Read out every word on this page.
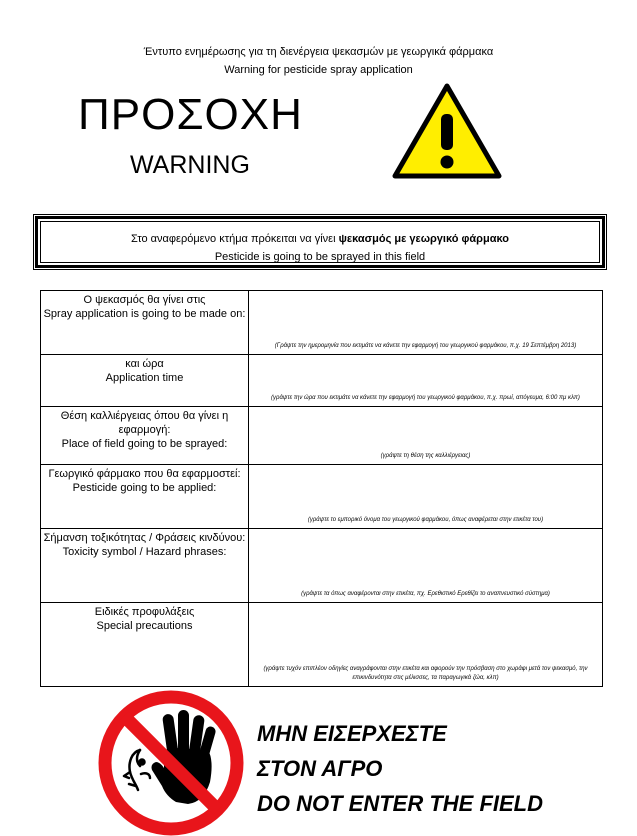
Έντυπο ενημέρωσης για τη διενέργεια ψεκασμών με γεωργικά φάρμακα
Warning for pesticide spray application
ΠΡΟΣΟΧΗ
WARNING
Στο αναφερόμενο κτήμα πρόκειται να γίνει ψεκασμός με γεωργικό φάρμακο
Pesticide is going to be sprayed in this field
Ο ψεκασμός θα γίνει στις
Spray application is going to be made on:	(Γράψτε την ημερομηνία που εκτιμάτε να κάνετε την εφαρμογή του γεωργικού φαρμάκου, π.χ. 19 Σεπτέμβρη 2013)

και ώρα
Application time	(γράψτε την ώρα που εκτιμάτε να κάνετε την εφαρμογή του γεωργικού φαρμάκου, π.χ. πρωί, απόγευμα, 6:00 πμ κλπ)

Θέση καλλιέργειας όπου θα γίνει η εφαρμογή:
Place of field going to be sprayed:	(γράψτε τη θέση της καλλιέργειας)

Γεωργικό φάρμακο που θα εφαρμοστεί:
Pesticide going to be applied:	(γράψτε το εμπορικό όνομα του γεωργικού φαρμάκου, όπως αναφέρεται στην ετικέτα του)

Σήμανση τοξικότητας / Φράσεις κινδύνου:
Toxicity symbol / Hazard phrases:	(γράψτε τα όπως αναφέρονται στην ετικέτα, πχ. Ερεθιστικό Ερεθίζει το αναπνευστικό σύστημα)

Ειδικές προφυλάξεις
Special precautions	(γράψτε τυχόν επιπλέον οδηγίες αναγράφονται στην ετικέτα και αφορούν την πρόσβαση στο χωράφι μετά τον ψεκασμό, την επικινδυνότητα στις μέλισσες, τα παραγωγικά ζώα, κλπ)
ΜΗΝ ΕΙΣΕΡΧΕΣΤΕ
ΣΤΟΝ ΑΓΡΟ
DO NOT ENTER THE FIELD
